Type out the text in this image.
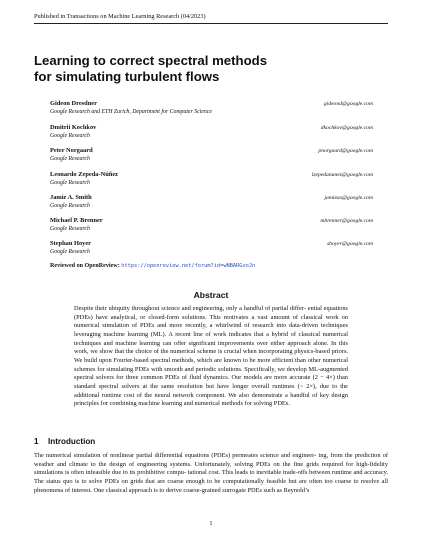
Published in Transactions on Machine Learning Research (04/2023)
Learning to correct spectral methods
for simulating turbulent flows
Gideon Dresdner	gideond@google.com
Google Research and ETH Zurich, Department for Computer Science
Dmitrii Kochkov	dkochkov@google.com
Google Research
Peter Norgaard	pnorgaard@google.com
Google Research
Leonardo Zepeda-Núñez	lzepedanunez@google.com
Google Research
Jamie A. Smith	jamieas@google.com
Google Research
Michael P. Brenner	mbrenner@google.com
Google Research
Stephan Hoyer	shoyer@google.com
Google Research
Reviewed on OpenReview: https://openreview.net/forum?id=wNBARGxoJn
Abstract
Despite their ubiquity throughout science and engineering, only a handful of partial differ- ential equations (PDEs) have analytical, or closed-form solutions. This motivates a vast amount of classical work on numerical simulation of PDEs and more recently, a whirlwind of research into data-driven techniques leveraging machine learning (ML). A recent line of work indicates that a hybrid of classical numerical techniques and machine learning can offer significant improvements over either approach alone. In this work, we show that the choice of the numerical scheme is crucial when incorporating physics-based priors. We build upon Fourier-based spectral methods, which are known to be more efficient than other numerical schemes for simulating PDEs with smooth and periodic solutions. Specifically, we develop ML-augmented spectral solvers for three common PDEs of fluid dynamics. Our models are more accurate (2 − 4×) than standard spectral solvers at the same resolution but have longer overall runtimes (~ 2×), due to the additional runtime cost of the neural network component. We also demonstrate a handful of key design principles for combining machine learning and numerical methods for solving PDEs.
1 Introduction
The numerical simulation of nonlinear partial differential equations (PDEs) permeates science and engineer- ing, from the prediction of weather and climate to the design of engineering systems. Unfortunately, solving PDEs on the fine grids required for high-fidelity simulations is often infeasible due to its prohibitive compu- tational cost. This leads to inevitable trade-offs between runtime and accuracy. The status quo is to solve PDEs on grids that are coarse enough to be computationally feasible but are often too coarse to resolve all phenomena of interest. One classical approach is to derive coarse-grained surrogate PDEs such as Reynold’s
1
